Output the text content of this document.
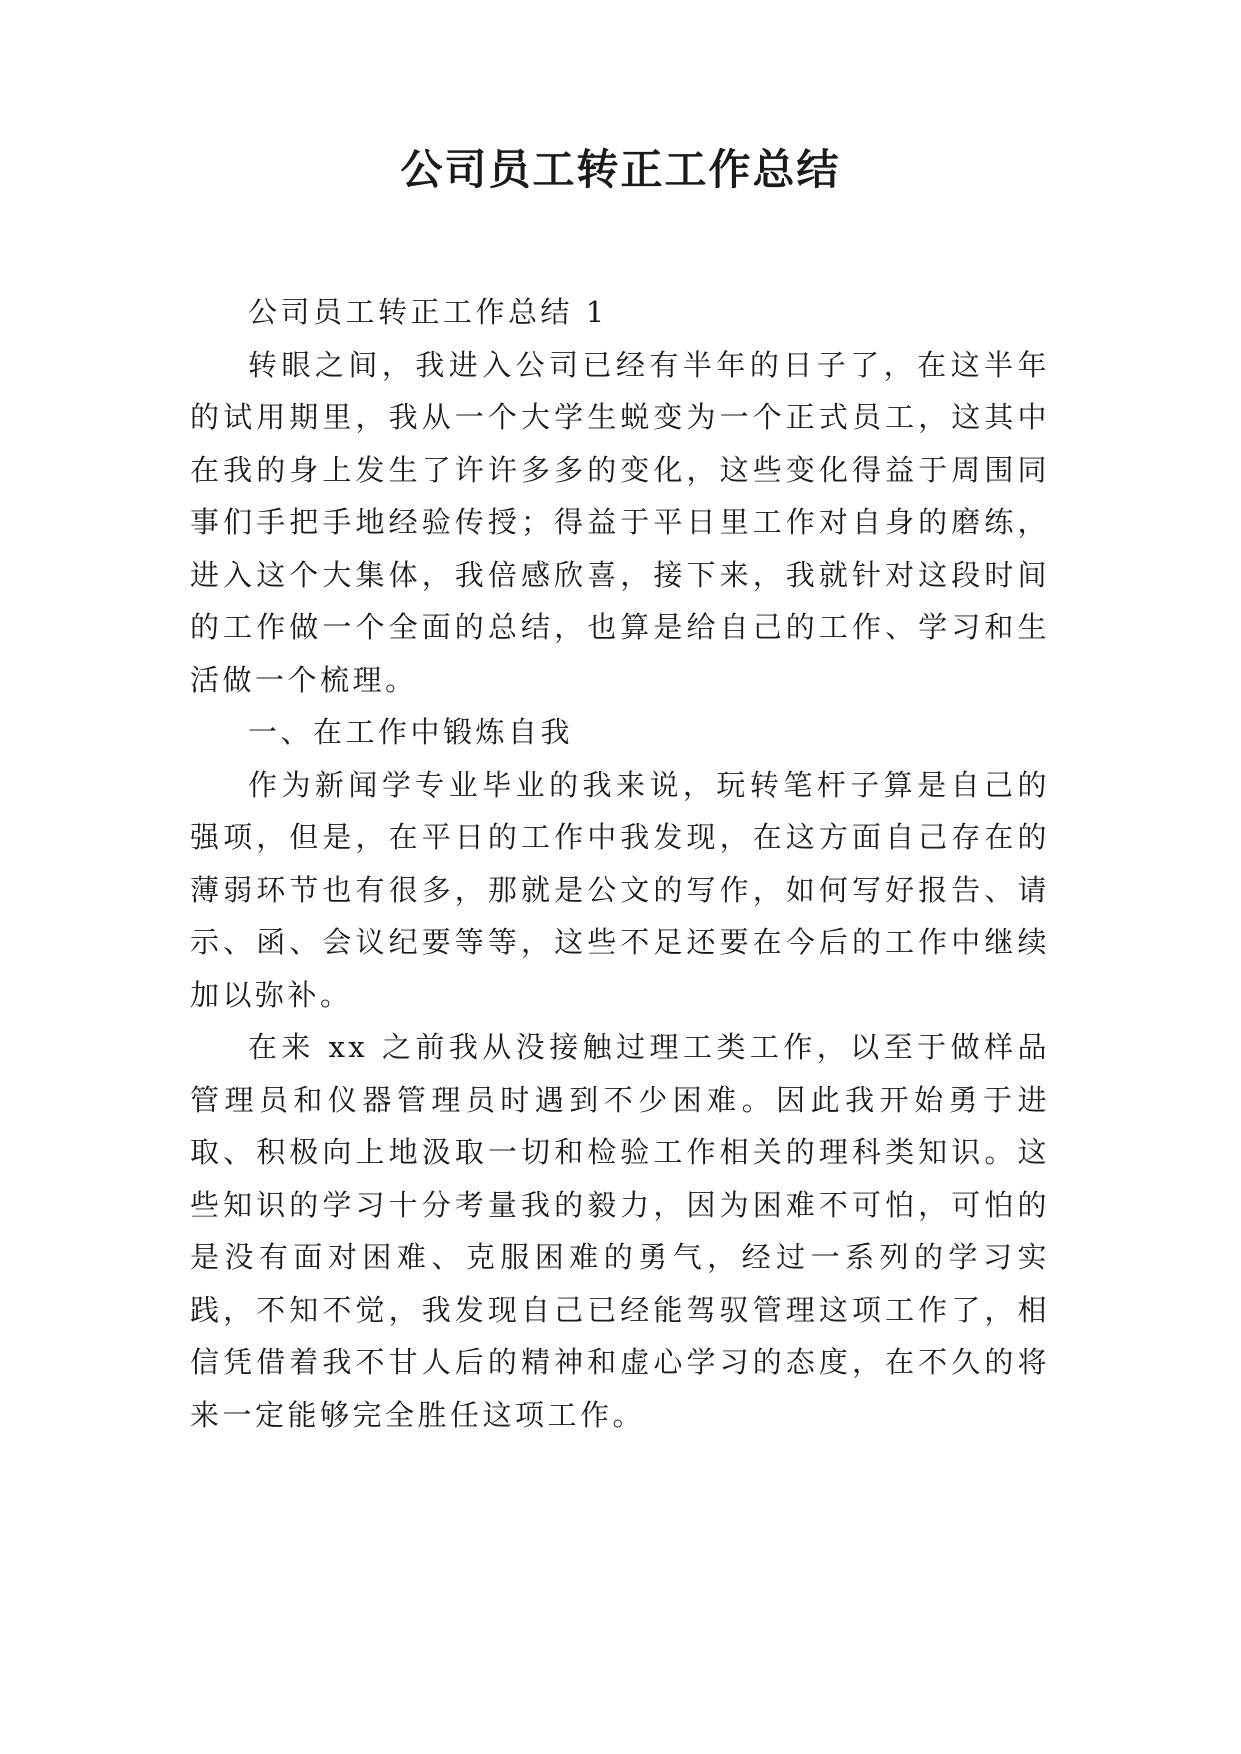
公司员工转正工作总结

公司员工转正工作总结 1

转眼之间，我进入公司已经有半年的日子了，在这半年的试用期里，我从一个大学生蜕变为一个正式员工，这其中在我的身上发生了许许多多的变化，这些变化得益于周围同事们手把手地经验传授；得益于平日里工作对自身的磨练，进入这个大集体，我倍感欣喜，接下来，我就针对这段时间的工作做一个全面的总结，也算是给自己的工作、学习和生活做一个梳理。

一、在工作中锻炼自我

作为新闻学专业毕业的我来说，玩转笔杆子算是自己的强项，但是，在平日的工作中我发现，在这方面自己存在的薄弱环节也有很多，那就是公文的写作，如何写好报告、请示、函、会议纪要等等，这些不足还要在今后的工作中继续加以弥补。

在来 xx 之前我从没接触过理工类工作，以至于做样品管理员和仪器管理员时遇到不少困难。因此我开始勇于进取、积极向上地汲取一切和检验工作相关的理科类知识。这些知识的学习十分考量我的毅力，因为困难不可怕，可怕的是没有面对困难、克服困难的勇气，经过一系列的学习实践，不知不觉，我发现自己已经能驾驭管理这项工作了，相信凭借着我不甘人后的精神和虚心学习的态度，在不久的将来一定能够完全胜任这项工作。
